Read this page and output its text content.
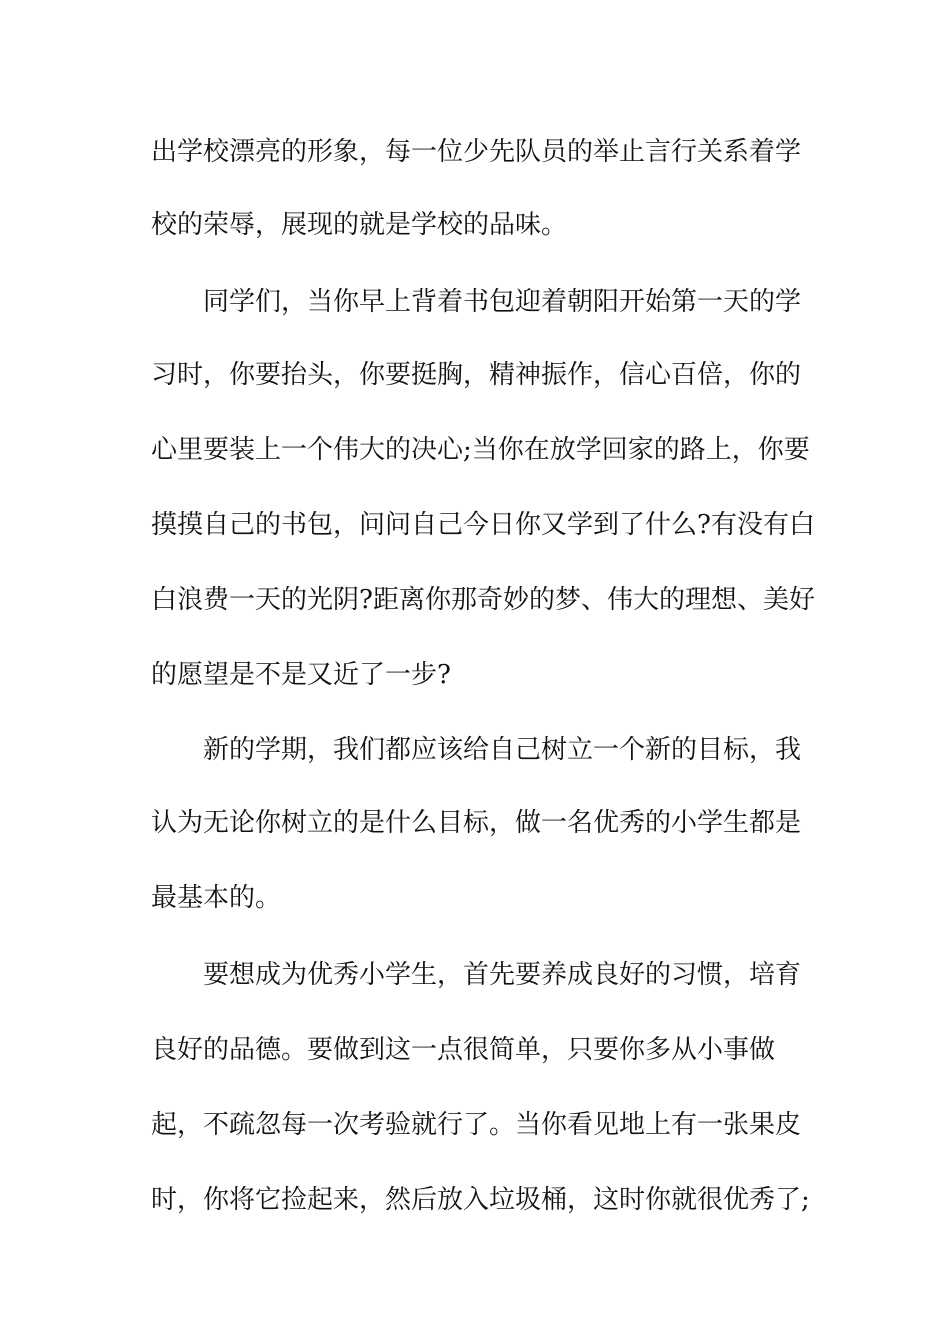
出学校漂亮的形象，每一位少先队员的举止言行关系着学
校的荣辱，展现的就是学校的品味。
同学们，当你早上背着书包迎着朝阳开始第一天的学
习时，你要抬头，你要挺胸，精神振作，信心百倍，你的
心里要装上一个伟大的决心;当你在放学回家的路上，你要
摸摸自己的书包，问问自己今日你又学到了什么?有没有白
白浪费一天的光阴?距离你那奇妙的梦、伟大的理想、美好
的愿望是不是又近了一步?
新的学期，我们都应该给自己树立一个新的目标，我
认为无论你树立的是什么目标，做一名优秀的小学生都是
最基本的。
要想成为优秀小学生，首先要养成良好的习惯，培育
良好的品德。要做到这一点很简单，只要你多从小事做
起，不疏忽每一次考验就行了。当你看见地上有一张果皮
时，你将它捡起来，然后放入垃圾桶，这时你就很优秀了;
